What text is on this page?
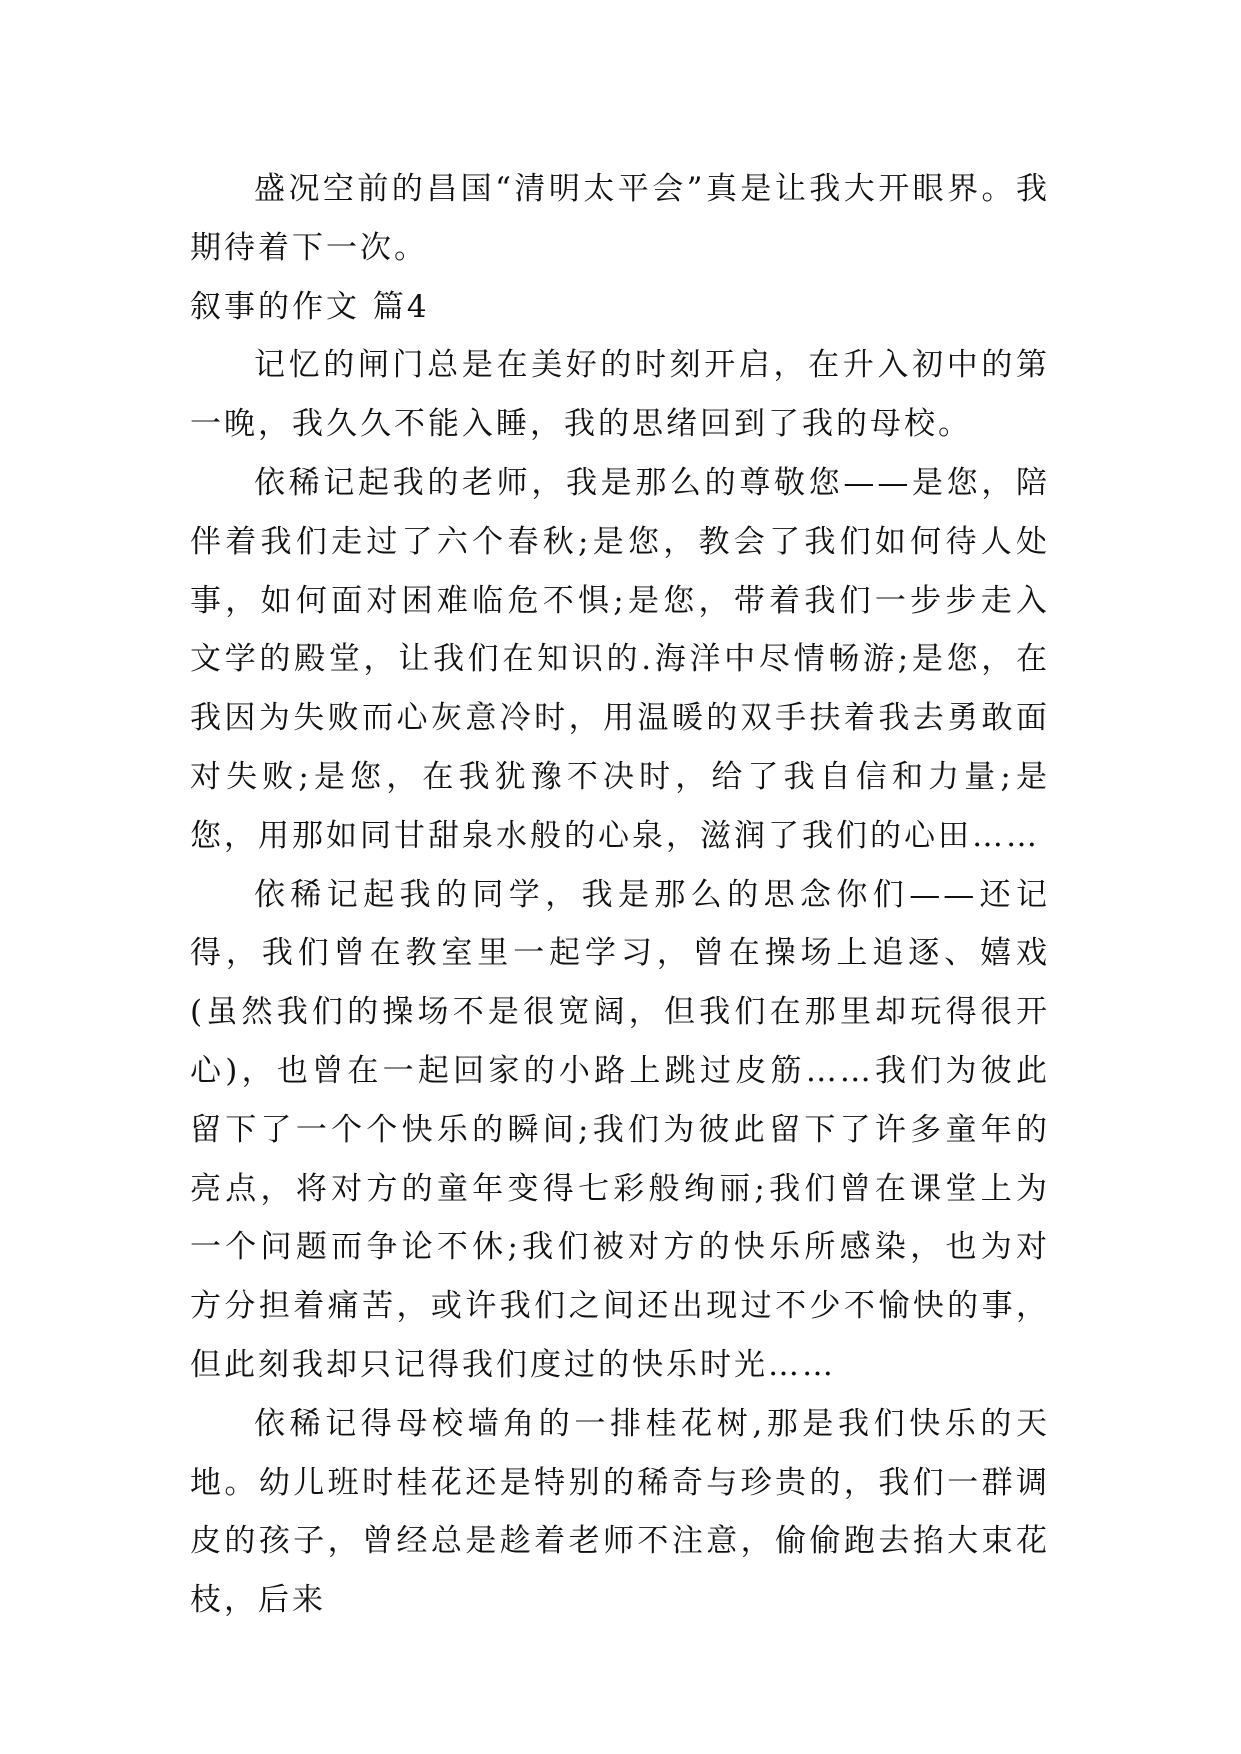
盛况空前的昌国“清明太平会”真是让我大开眼界。我期待着下一次。

叙事的作文 篇4

记忆的闸门总是在美好的时刻开启，在升入初中的第一晚，我久久不能入睡，我的思绪回到了我的母校。

依稀记起我的老师，我是那么的尊敬您——是您，陪伴着我们走过了六个春秋;是您，教会了我们如何待人处事，如何面对困难临危不惧;是您，带着我们一步步走入文学的殿堂，让我们在知识的.海洋中尽情畅游;是您，在我因为失败而心灰意冷时，用温暖的双手扶着我去勇敢面对失败;是您，在我犹豫不决时，给了我自信和力量;是您，用那如同甘甜泉水般的心泉，滋润了我们的心田……

依稀记起我的同学，我是那么的思念你们——还记得，我们曾在教室里一起学习，曾在操场上追逐、嬉戏(虽然我们的操场不是很宽阔，但我们在那里却玩得很开心)，也曾在一起回家的小路上跳过皮筋……我们为彼此留下了一个个快乐的瞬间;我们为彼此留下了许多童年的亮点，将对方的童年变得七彩般绚丽;我们曾在课堂上为一个问题而争论不休;我们被对方的快乐所感染，也为对方分担着痛苦，或许我们之间还出现过不少不愉快的事，但此刻我却只记得我们度过的快乐时光……

依稀记得母校墙角的一排桂花树,那是我们快乐的天地。幼儿班时桂花还是特别的稀奇与珍贵的，我们一群调皮的孩子，曾经总是趁着老师不注意，偷偷跑去掐大束花枝，后来
